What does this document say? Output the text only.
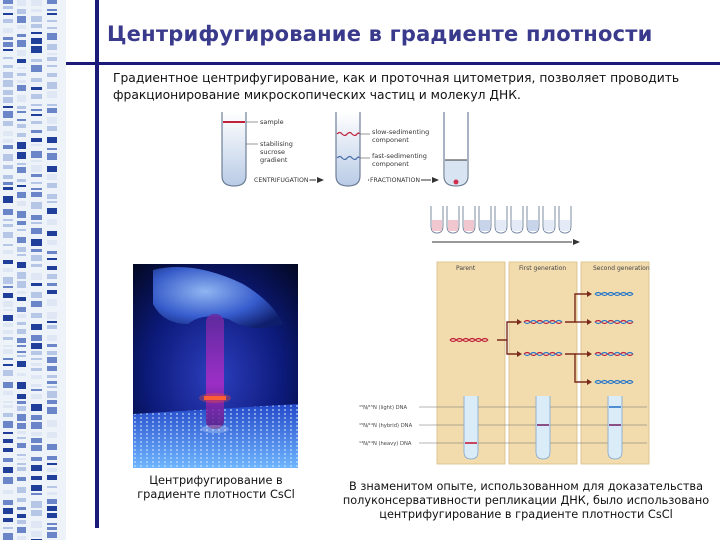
Центрифугирование в градиенте плотности

Градиентное центрифугирование, как и проточная цитометрия, позволяет проводить фракционирование микроскопических частиц и молекул ДНК.

sample
stabilising
sucrose
gradient
CENTRIFUGATION
slow-sedimenting
component
fast-sedimenting
component
FRACTIONATION
Центрифугирование в градиенте плотности CsCl
Parent	First generation	Second generation
¹⁵N/¹⁵N (light) DNA
¹⁵N/¹⁴N (hybrid) DNA
¹⁴N/¹⁴N (heavy) DNA
В знаменитом опыте, использованном для доказательства полуконсервативности репликации ДНК, было использовано центрифугирование в градиенте плотности CsCl
